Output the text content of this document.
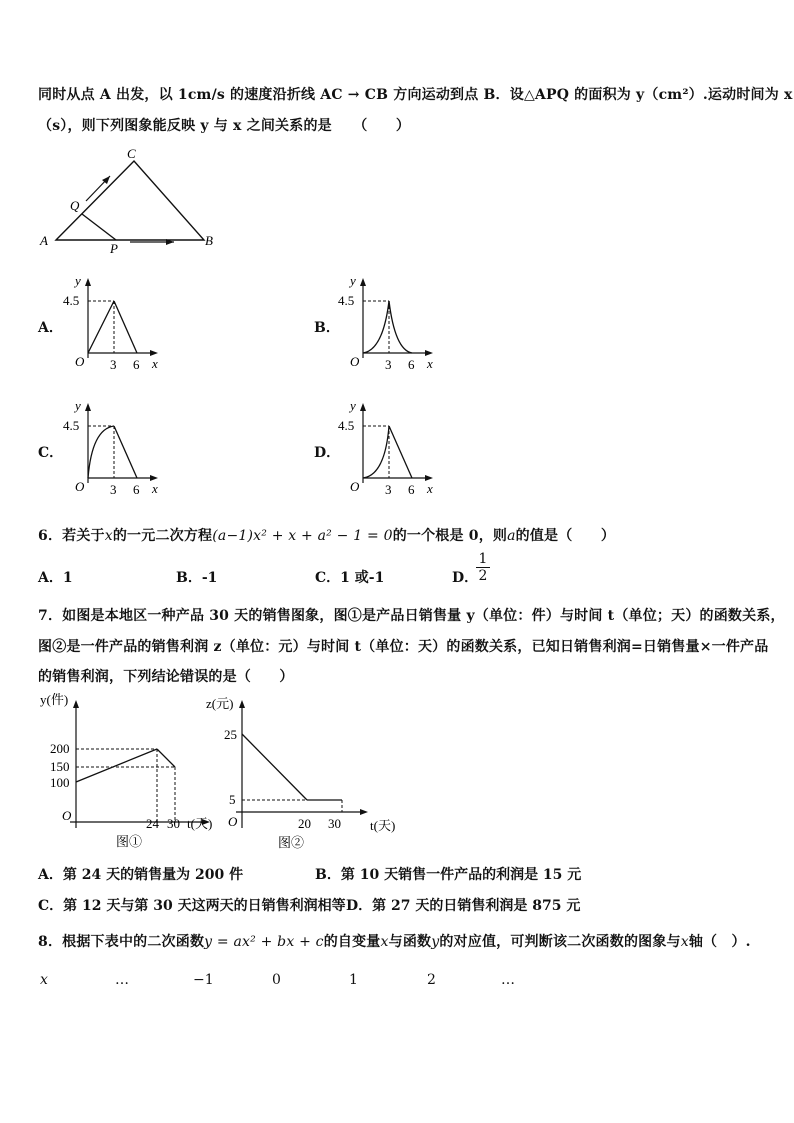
同时从点 A 出发，以 1cm/s 的速度沿折线 AC → CB 方向运动到点 B．设△APQ 的面积为 y（cm²）.运动时间为 x
（s），则下列图象能反映 y 与 x 之间关系的是　　（　　）
A	B
C
P
Q
A．	B．
C．	D．
y
4.5
O 3 6 x
y
4.5
O 3 6 x
y
4.5
O 3 6 x
y
4.5
O 3 6 x
6．若关于x的一元二次方程(a−1)x² + x + a² − 1 = 0的一个根是 0，则a的值是（　　）
A．1	B．-1	C．1 或-1	D．
$\frac{1}{2}$
7．如图是本地区一种产品 30 天的销售图象，图①是产品日销售量 y（单位：件）与时间 t（单位；天）的函数关系，
图②是一件产品的销售利润 z（单位：元）与时间 t（单位：天）的函数关系，已知日销售利润=日销售量×一件产品
的销售利润，下列结论错误的是（　　）
y(件)
200
150
100
O
24 30 t(天)
图①
z(元)
25
5
O	20 30 t(天)
图②
A．第 24 天的销售量为 200 件	B．第 10 天销售一件产品的利润是 15 元
C．第 12 天与第 30 天这两天的日销售利润相等 D．第 27 天的日销售利润是 875 元
8．根据下表中的二次函数y = ax² + bx + c的自变量x与函数y的对应值，可判断该二次函数的图象与x轴（　）.
x	…	−1	0	1	2	…
